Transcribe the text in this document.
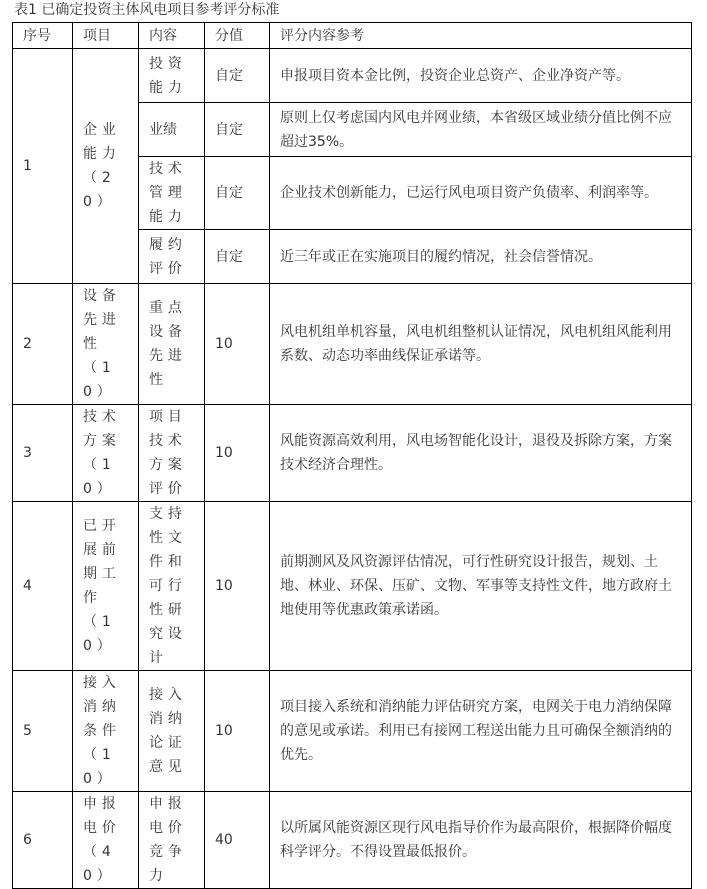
表1 已确定投资主体风电项目参考评分标准
序号	项目	内容	分值	评分内容参考
1	企业能力（20）	投资能力	自定	申报项目资本金比例，投资企业总资产、企业净资产等。
		业绩	自定	原则上仅考虑国内风电并网业绩，本省级区域业绩分值比例不应超过35%。
		技术管理能力	自定	企业技术创新能力，已运行风电项目资产负债率、利润率等。
		履约评价	自定	近三年或正在实施项目的履约情况，社会信誉情况。
2	设备先进性（10）	重点设备先进性	10	风电机组单机容量，风电机组整机认证情况，风电机组风能利用系数、动态功率曲线保证承诺等。
3	技术方案（10）	项目技术方案评价	10	风能资源高效利用，风电场智能化设计，退役及拆除方案，方案技术经济合理性。
4	已开展前期工作（10）	支持性文件和可行性研究设计	10	前期测风及风资源评估情况，可行性研究设计报告，规划、土地、林业、环保、压矿、文物、军事等支持性文件，地方政府土地使用等优惠政策承诺函。
5	接入消纳条件（10）	接入消纳论证意见	10	项目接入系统和消纳能力评估研究方案，电网关于电力消纳保障的意见或承诺。利用已有接网工程送出能力且可确保全额消纳的优先。
6	申报电价（40）	申报电价竞争力	40	以所属风能资源区现行风电指导价作为最高限价，根据降价幅度科学评分。不得设置最低报价。
